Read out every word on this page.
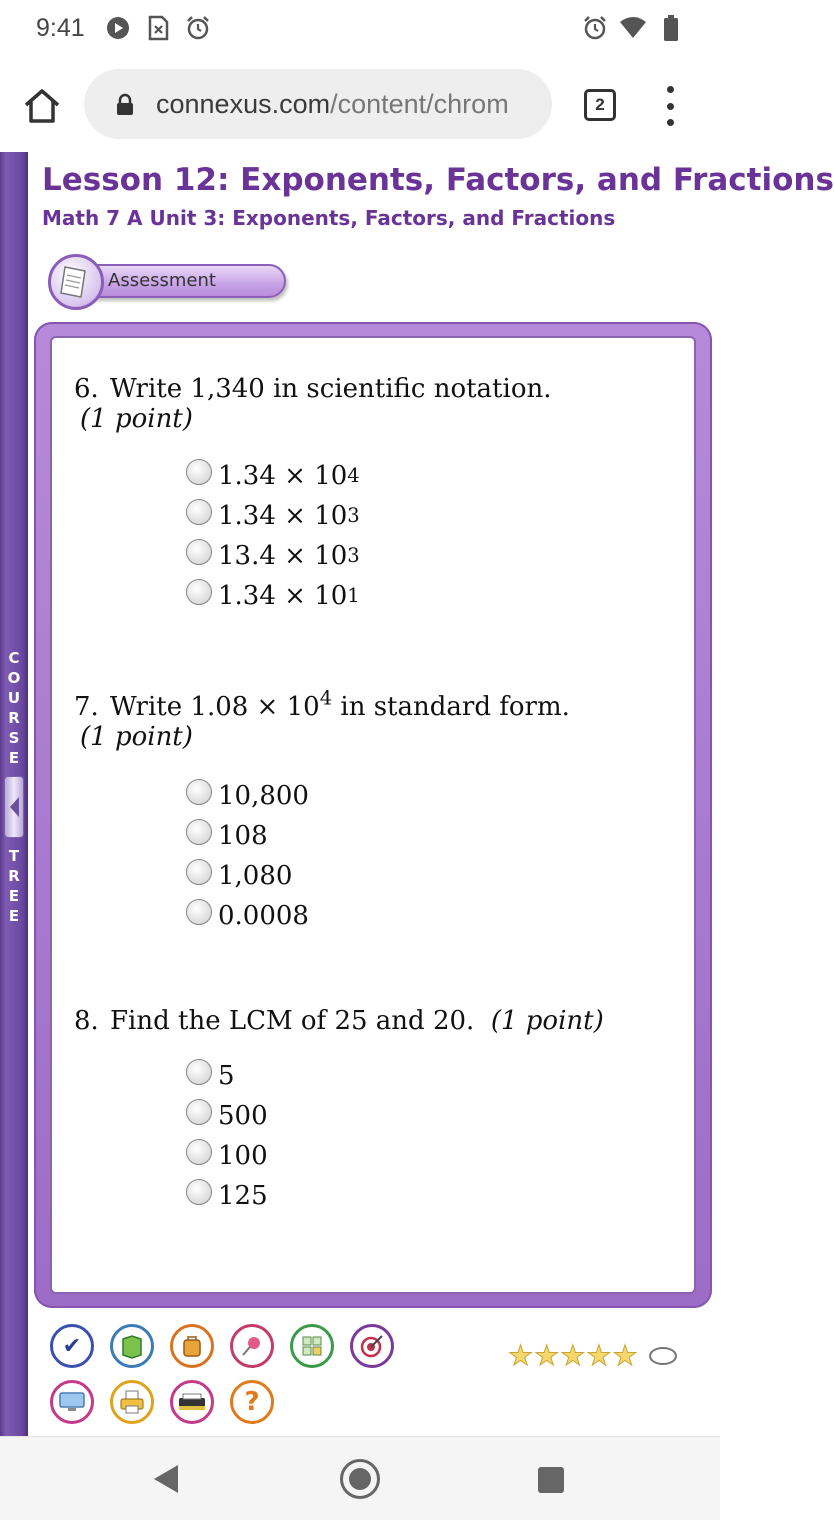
9:41
connexus.com/content/chrom	2
C
O
U
R
S
E
T
R
E
E
Lesson 12: Exponents, Factors, and Fractions
Math 7 A Unit 3: Exponents, Factors, and Fractions
Assessment
6. Write 1,340 in scientific notation.
(1 point)
1.34 × 10 4
1.34 × 10 3
13.4 × 10 3
1.34 × 10 1
7. Write $1.08 \times 10^4$ in standard form.
(1 point)
10,800
108
1,080
0.0008
8. Find the LCM of 25 and 20. (1 point)
5
500
100
125
✔
?
★ ★ ★ ★ ★
